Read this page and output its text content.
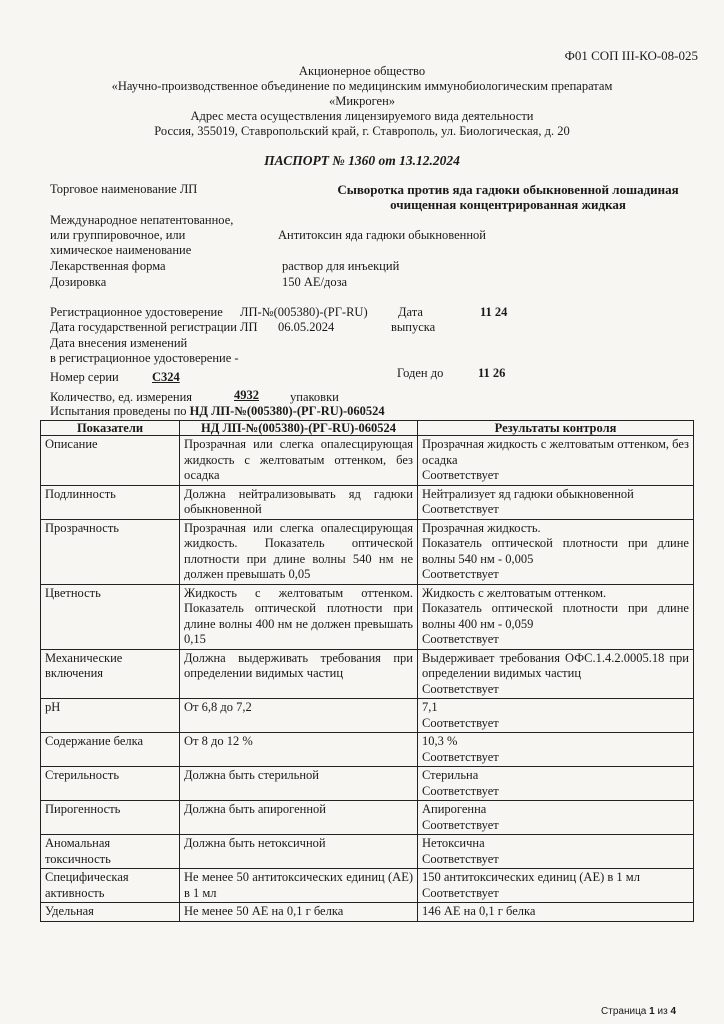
Ф01 СОП III-КО-08-025
Акционерное общество
«Научно-производственное объединение по медицинским иммунобиологическим препаратам
«Микроген»
Адрес места осуществления лицензируемого вида деятельности
Россия, 355019, Ставропольский край, г. Ставрополь, ул. Биологическая, д. 20
ПАСПОРТ № 1360 от 13.12.2024
Торговое наименование ЛП	Сыворотка против яда гадюки обыкновенной лошадиная очищенная концентрированная жидкая
Международное непатентованное,
или группировочное, или
химическое наименование
Антитоксин яда гадюки обыкновенной
Лекарственная форма	раствор для инъекций
Дозировка	150 АЕ/доза
Регистрационное удостоверение ЛП-№(005380)-(РГ-RU)
Дата государственной регистрации ЛП 06.05.2024
Дата внесения изменений
в регистрационное удостоверение -
Дата
выпуска
11 24
Номер серии	С324	Годен до	11 26
Количество, ед. измерения	4932 упаковки
Испытания проведены по НД ЛП-№(005380)-(РГ-RU)-060524
Показатели	НД ЛП-№(005380)-(РГ-RU)-060524	Результаты контроля
Описание	Прозрачная или слегка опалесцирующая жидкость с желтоватым оттенком, без осадка	Прозрачная жидкость с желтоватым оттенком, без осадка
Соответствует

Подлинность	Должна нейтрализовывать яд гадюки обыкновенной	Нейтрализует яд гадюки обыкновенной
Соответствует

Прозрачность	Прозрачная или слегка опалесцирующая жидкость. Показатель оптической плотности при длине волны 540 нм не должен превышать 0,05	Прозрачная жидкость.
Показатель оптической плотности при длине волны 540 нм - 0,005
Соответствует

Цветность	Жидкость с желтоватым оттенком. Показатель оптической плотности при длине волны 400 нм не должен превышать 0,15	Жидкость с желтоватым оттенком.
Показатель оптической плотности при длине волны 400 нм - 0,059
Соответствует

Механические включения	Должна выдерживать требования при определении видимых частиц	Выдерживает требования ОФС.1.4.2.0005.18 при определении видимых частиц
Соответствует

pH	От 6,8 до 7,2	7,1
Соответствует

Содержание белка	От 8 до 12 %	10,3 %
Соответствует

Стерильность	Должна быть стерильной	Стерильна
Соответствует

Пирогенность	Должна быть апирогенной	Апирогенна
Соответствует

Аномальная токсичность	Должна быть нетоксичной	Нетоксична
Соответствует

Специфическая активность	Не менее 50 антитоксических единиц (АЕ) в 1 мл	150 антитоксических единиц (АЕ) в 1 мл
Соответствует

Удельная	Не менее 50 АЕ на 0,1 г белка	146 АЕ на 0,1 г белка
Страница 1 из 4
